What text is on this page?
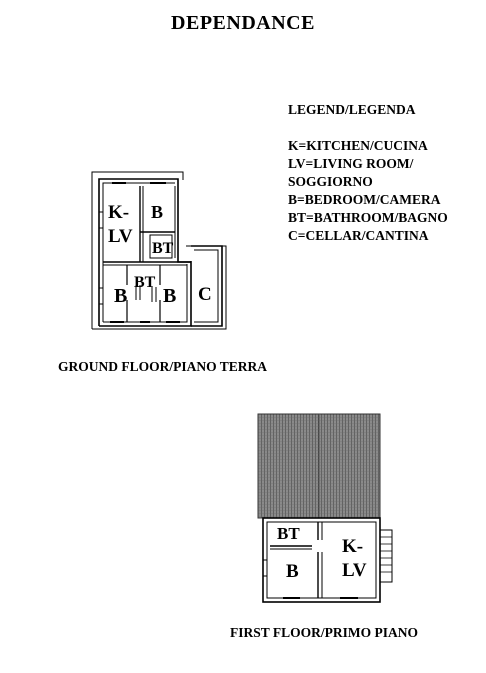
DEPENDANCE
LEGEND/LEGENDA
K=KITCHEN/CUCINA
LV=LIVING ROOM/
SOGGIORNO
B=BEDROOM/CAMERA
BT=BATHROOM/BAGNO
C=CELLAR/CANTINA
K-
LV
B
BT
BT
B B C
BT
B
K-
LV
GROUND FLOOR/PIANO TERRA
FIRST FLOOR/PRIMO PIANO
